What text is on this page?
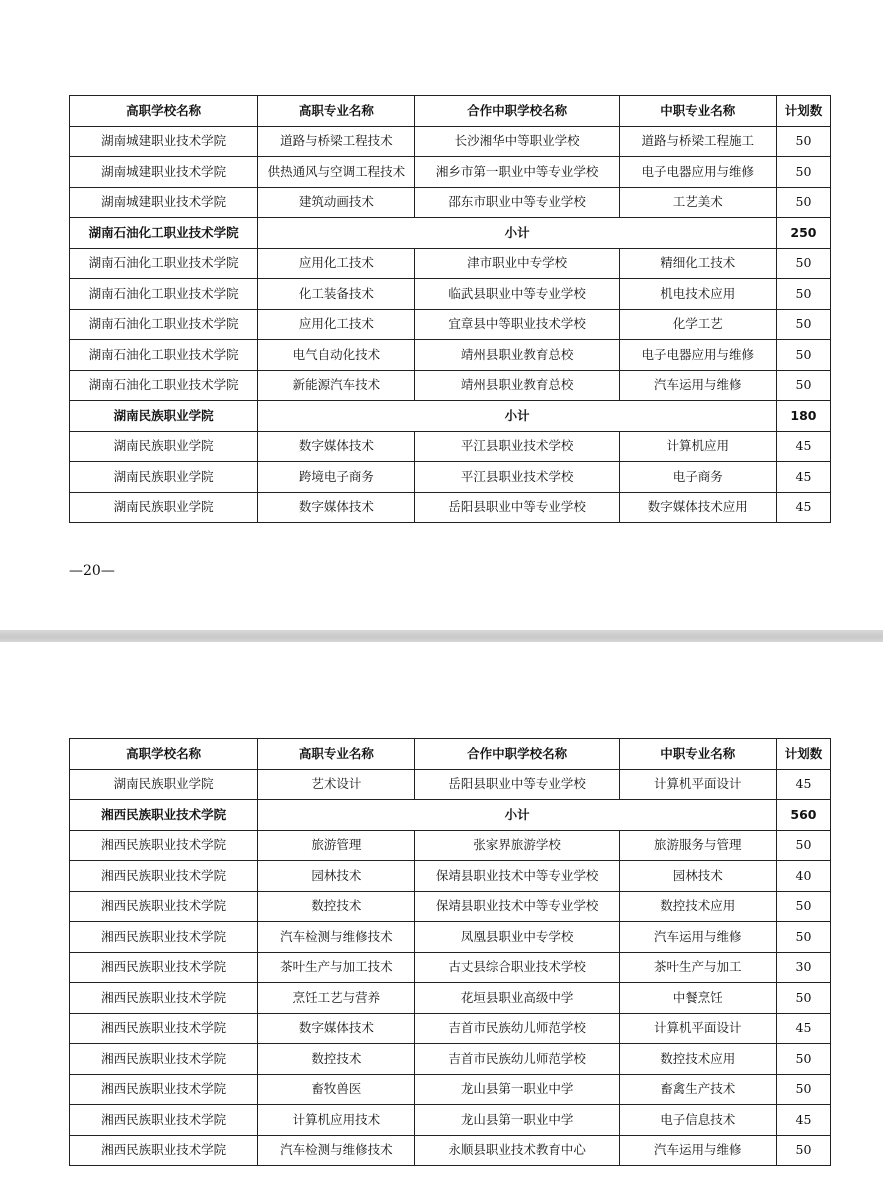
高职学校名称	高职专业名称	合作中职学校名称	中职专业名称	计划数
湖南城建职业技术学院	道路与桥梁工程技术	长沙湘华中等职业学校	道路与桥梁工程施工	50
湖南城建职业技术学院	供热通风与空调工程技术	湘乡市第一职业中等专业学校	电子电器应用与维修	50
湖南城建职业技术学院	建筑动画技术	邵东市职业中等专业学校	工艺美术	50
湖南石油化工职业技术学院	小计			250
湖南石油化工职业技术学院	应用化工技术	津市职业中专学校	精细化工技术	50
湖南石油化工职业技术学院	化工装备技术	临武县职业中等专业学校	机电技术应用	50
湖南石油化工职业技术学院	应用化工技术	宜章县中等职业技术学校	化学工艺	50
湖南石油化工职业技术学院	电气自动化技术	靖州县职业教育总校	电子电器应用与维修	50
湖南石油化工职业技术学院	新能源汽车技术	靖州县职业教育总校	汽车运用与维修	50
湖南民族职业学院	小计			180
湖南民族职业学院	数字媒体技术	平江县职业技术学校	计算机应用	45
湖南民族职业学院	跨境电子商务	平江县职业技术学校	电子商务	45
湖南民族职业学院	数字媒体技术	岳阳县职业中等专业学校	数字媒体技术应用	45
—20—
高职学校名称	高职专业名称	合作中职学校名称	中职专业名称	计划数
湖南民族职业学院	艺术设计	岳阳县职业中等专业学校	计算机平面设计	45
湘西民族职业技术学院	小计			560
湘西民族职业技术学院	旅游管理	张家界旅游学校	旅游服务与管理	50
湘西民族职业技术学院	园林技术	保靖县职业技术中等专业学校	园林技术	40
湘西民族职业技术学院	数控技术	保靖县职业技术中等专业学校	数控技术应用	50
湘西民族职业技术学院	汽车检测与维修技术	凤凰县职业中专学校	汽车运用与维修	50
湘西民族职业技术学院	茶叶生产与加工技术	古丈县综合职业技术学校	茶叶生产与加工	30
湘西民族职业技术学院	烹饪工艺与营养	花垣县职业高级中学	中餐烹饪	50
湘西民族职业技术学院	数字媒体技术	吉首市民族幼儿师范学校	计算机平面设计	45
湘西民族职业技术学院	数控技术	吉首市民族幼儿师范学校	数控技术应用	50
湘西民族职业技术学院	畜牧兽医	龙山县第一职业中学	畜禽生产技术	50
湘西民族职业技术学院	计算机应用技术	龙山县第一职业中学	电子信息技术	45
湘西民族职业技术学院	汽车检测与维修技术	永顺县职业技术教育中心	汽车运用与维修	50
